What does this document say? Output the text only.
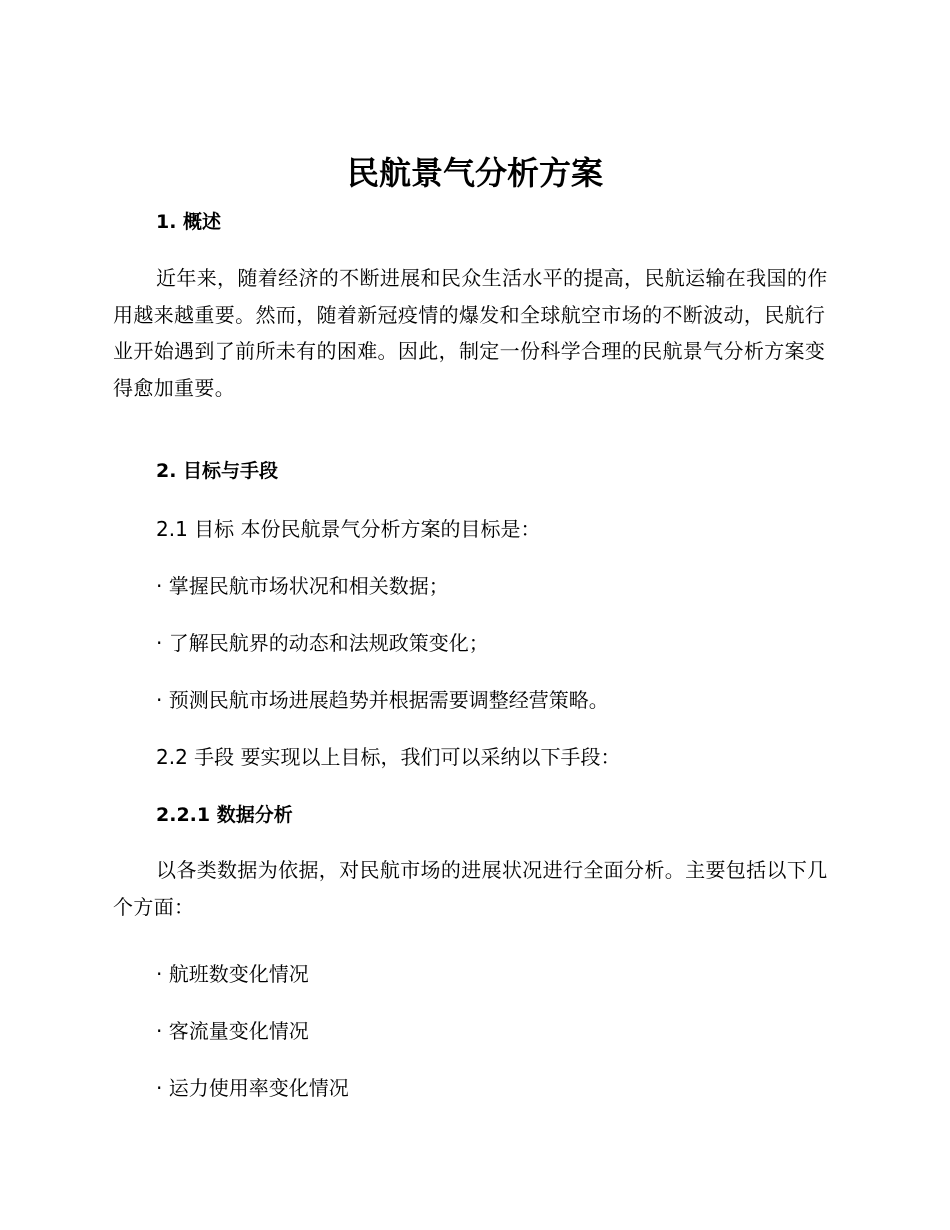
民航景气分析方案
1. 概述

近年来，随着经济的不断进展和民众生活水平的提高，民航运输在我国的作用越来越重要。然而，随着新冠疫情的爆发和全球航空市场的不断波动，民航行业开始遇到了前所未有的困难。因此，制定一份科学合理的民航景气分析方案变得愈加重要。

2. 目标与手段

2.1 目标 本份民航景气分析方案的目标是：

· 掌握民航市场状况和相关数据；

· 了解民航界的动态和法规政策变化；

· 预测民航市场进展趋势并根据需要调整经营策略。

2.2 手段 要实现以上目标，我们可以采纳以下手段：

2.2.1 数据分析

以各类数据为依据，对民航市场的进展状况进行全面分析。主要包括以下几个方面：

· 航班数变化情况

· 客流量变化情况

· 运力使用率变化情况
